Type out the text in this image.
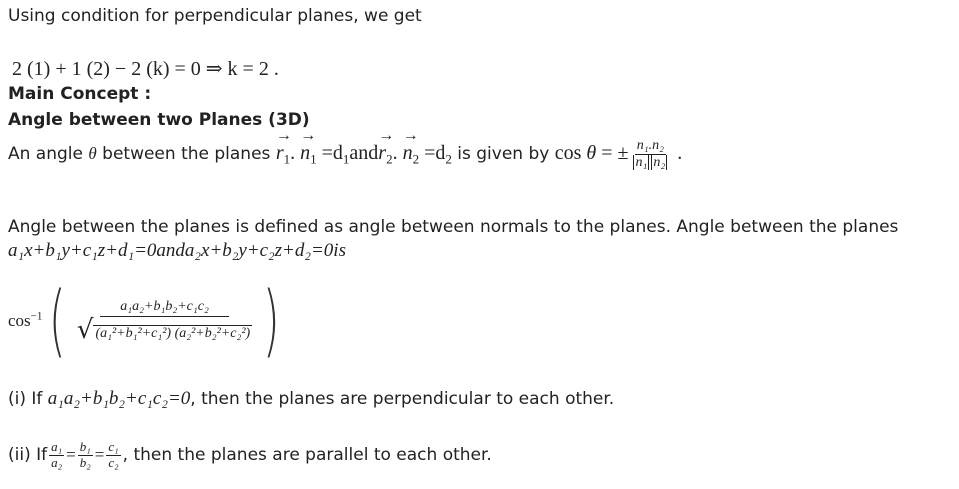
Using condition for perpendicular planes, we get
2 (1) + 1 (2) − 2 (k) = 0 ⇒ k = 2 .
Main Concept :
Angle between two Planes (3D)
An angle θ between the planes → $r_1$. → $n_1 =d_1and\to r_2$. → $n_2 =d_2$ is given by cos θ = ± $\frac{\text{n₁.n₂}}{\text{n₁ n₂}}$ .
Angle between the planes is defined as angle between normals to the planes. Angle between the planes
a₁x+b₁y+c₁z+d₁=0anda₂x+b₂y+c₂z+d₂=0is
$\cos^{-1}$ ( $\frac{\text{a₁a₂+b₁b₂+c₁c₂}}{\text{√ (a₁²+b₁²+c₁²) (a₂²+b₂²+c₂²)}}$ )
(i) If a₁a₂+b₁b₂+c₁c₂=0, then the planes are perpendicular to each other.
(ii) If $\frac{\text{a₁}}{\text{a₂}} = \frac{\text{b₁}}{\text{b₂}} = \frac{\text{c₁}}{\text{c₂}}$ , then the planes are parallel to each other.
